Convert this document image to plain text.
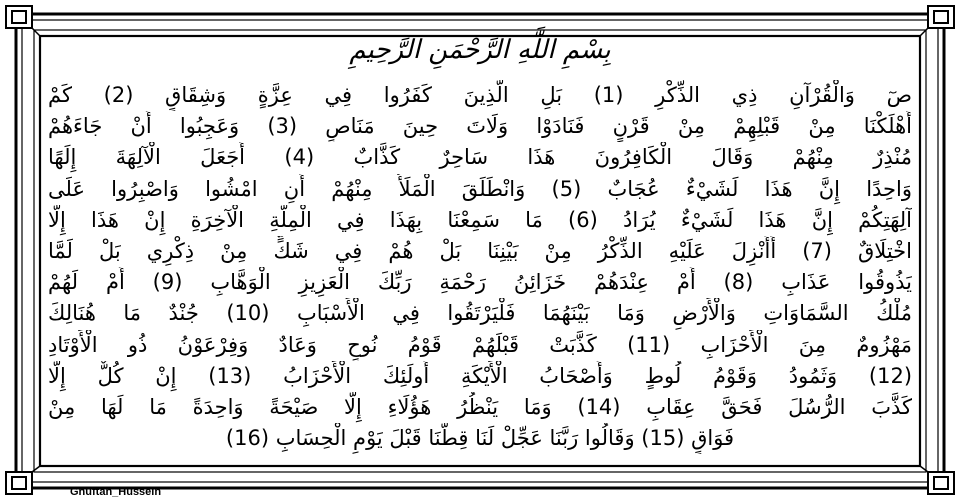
بِسْمِ اللَّهِ الرَّحْمَنِ الرَّحِيمِ
صٓ وَالْقُرْآنِ ذِي الذِّكْرِ (1) بَلِ الَّذِينَ كَفَرُوا فِي عِزَّةٍ وَشِقَاقٍ (2) كَمْ
أَهْلَكْنَا مِنْ قَبْلِهِمْ مِنْ قَرْنٍ فَنَادَوْا وَلَاتَ حِينَ مَنَاصٍ (3) وَعَجِبُوا أَنْ جَاءَهُمْ
مُنْذِرٌ مِنْهُمْ وَقَالَ الْكَافِرُونَ هَذَا سَاحِرٌ كَذَّابٌ (4) أَجَعَلَ الْآلِهَةَ إِلَهًا
وَاحِدًا إِنَّ هَذَا لَشَيْءٌ عُجَابٌ (5) وَانْطَلَقَ الْمَلَأُ مِنْهُمْ أَنِ امْشُوا وَاصْبِرُوا عَلَى
آلِهَتِكُمْ إِنَّ هَذَا لَشَيْءٌ يُرَادُ (6) مَا سَمِعْنَا بِهَذَا فِي الْمِلَّةِ الْآخِرَةِ إِنْ هَذَا إِلَّا
اخْتِلَاقٌ (7) أَأُنْزِلَ عَلَيْهِ الذِّكْرُ مِنْ بَيْنِنَا بَلْ هُمْ فِي شَكٍّ مِنْ ذِكْرِي بَلْ لَمَّا
يَذُوقُوا عَذَابِ (8) أَمْ عِنْدَهُمْ خَزَائِنُ رَحْمَةِ رَبِّكَ الْعَزِيزِ الْوَهَّابِ (9) أَمْ لَهُمْ
مُلْكُ السَّمَاوَاتِ وَالْأَرْضِ وَمَا بَيْنَهُمَا فَلْيَرْتَقُوا فِي الْأَسْبَابِ (10) جُنْدٌ مَا هُنَالِكَ
مَهْزُومٌ مِنَ الْأَحْزَابِ (11) كَذَّبَتْ قَبْلَهُمْ قَوْمُ نُوحٍ وَعَادٌ وَفِرْعَوْنُ ذُو الْأَوْتَادِ
(12) وَثَمُودُ وَقَوْمُ لُوطٍ وَأَصْحَابُ الْأَيْكَةِ أُولَئِكَ الْأَحْزَابُ (13) إِنْ كُلٌّ إِلَّا
كَذَّبَ الرُّسُلَ فَحَقَّ عِقَابِ (14) وَمَا يَنْظُرُ هَؤُلَاءِ إِلَّا صَيْحَةً وَاحِدَةً مَا لَهَا مِنْ
فَوَاقٍ (15) وَقَالُوا رَبَّنَا عَجِّلْ لَنَا قِطَّنَا قَبْلَ يَوْمِ الْحِسَابِ (16)
Ghuftan_Hussein
